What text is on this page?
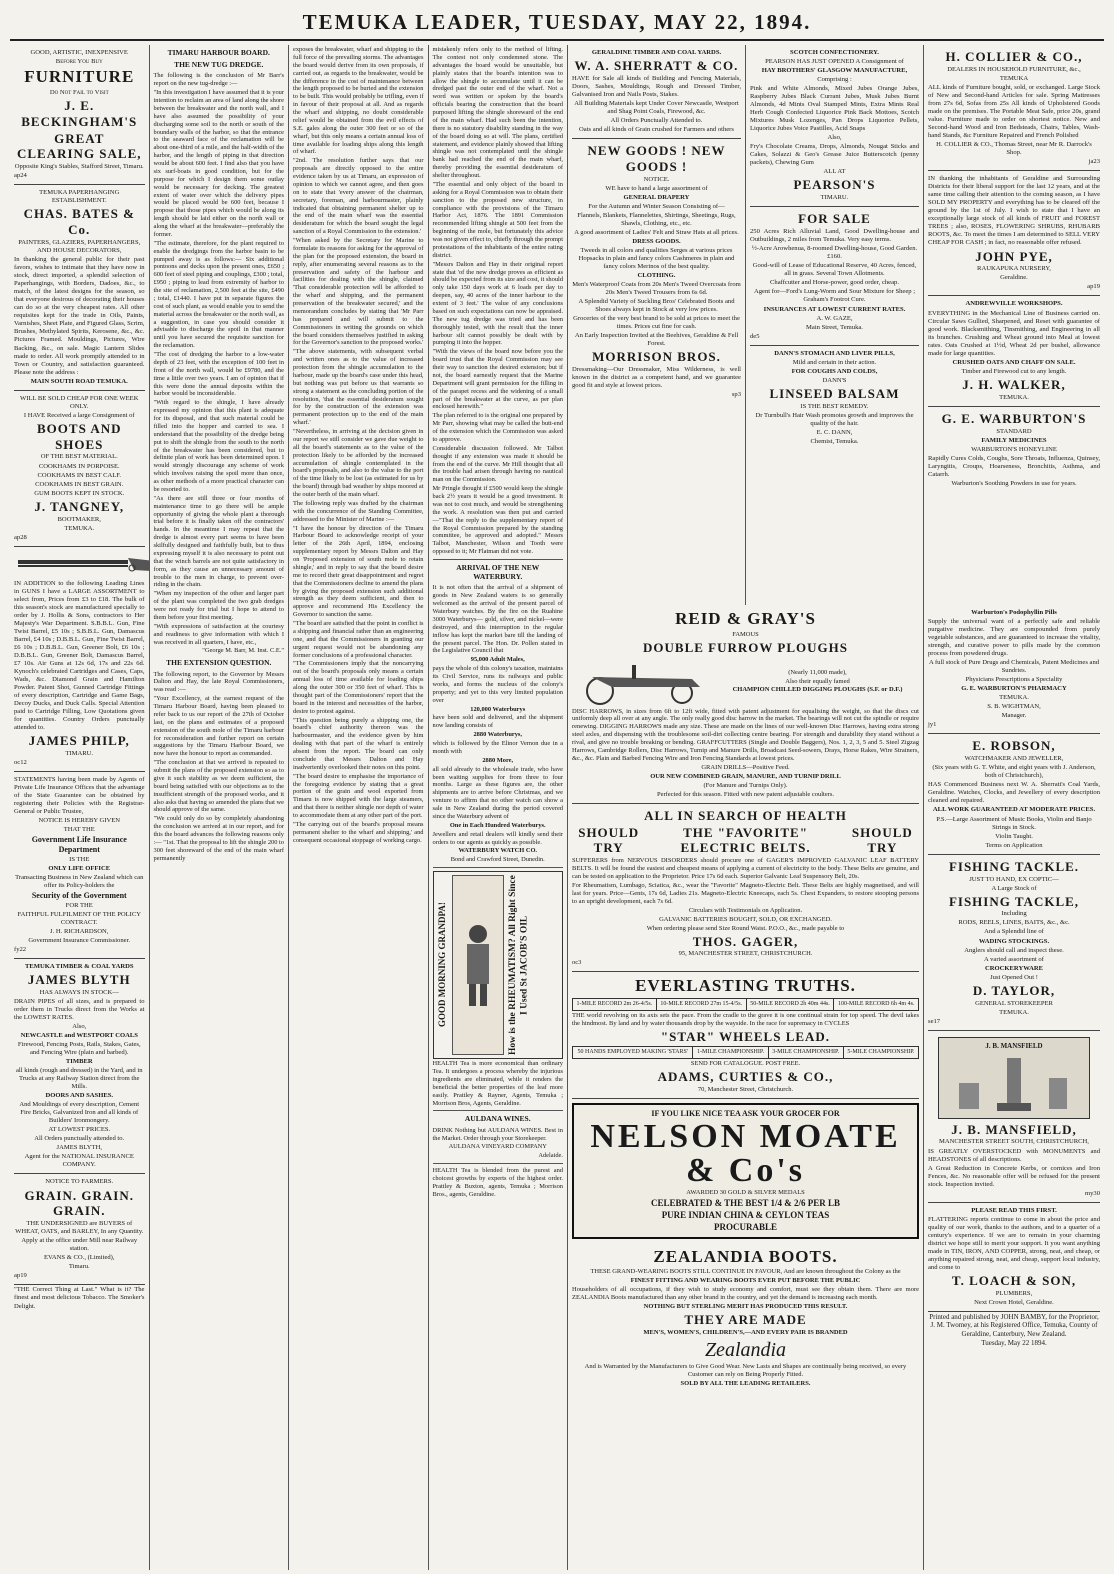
TEMUKA LEADER, TUESDAY, MAY 22, 1894.

GOOD, ARTISTIC, INEXPENSIVE

Before You Buy

FURNITURE

Do Not Fail to Visit

J. E. BECKINGHAM'S

GREAT CLEARING SALE,

Opposite King's Stables, Stafford Street, Timaru.

ap24

TEMUKA PAPERHANGING ESTABLISHMENT.

CHAS. BATES & Co.

PAINTERS, GLAZIERS, PAPERHANGERS, AND HOUSE DECORATORS,

In thanking the general public for their past favors, wishes to intimate that they have now in stock, direct imported, a splendid selection of Paperhangings, with Borders, Dadoes, &c., to match, of the latest designs for the season, so that everyone desirous of decorating their houses can do so at the very cheapest rates. All other requisites kept for the trade in Oils, Paints, Varnishes, Sheet Plate, and Figured Glass, Scrim, Brushes, Methylated Spirits, Kerosene, &c., &c. Pictures Framed. Mouldings, Pictures, Wire Backing, &c., on sale. Magic Lantern Slides made to order. All work promptly attended to in Town or Country, and satisfaction guaranteed. Please note the address :

MAIN SOUTH ROAD TEMUKA.

WILL BE SOLD CHEAP FOR ONE WEEK ONLY.

I HAVE Received a large Consignment of

BOOTS AND SHOES

OF THE BEST MATERIAL.

COOKHAMS IN PORPOISE.

COOKHAMS IN BEST CALF.

COOKHAMS IN BEST GRAIN.

GUM BOOTS KEPT IN STOCK.

J. TANGNEY,

BOOTMAKER,

TEMUKA.

ap28

IN ADDITION to the following Leading Lines in GUNS I have a LARGE ASSORTMENT to select from, Prices from £3 to £18. The bulk of this season's stock are manufactured specially to order by J. Hollis & Sons, contractors to Her Majesty's War Department. S.B.B.L. Gun, Fine Twist Barrel, £5 10s ; S.B.B.L. Gun, Damascus Barrel, £4 10s ; D.B.B.L. Gun, Fine Twist Barrel, £6 10s ; D.B.B.L. Gun, Greener Bolt, £6 10s ; D.B.B.L. Gun, Greener Bolt, Damascus Barrel, £7 10s. Air Guns at 12s 6d, 17s and 22s 6d. Kynoch's celebrated Cartridges and Cases, Caps, Wads, &c. Diamond Grain and Hamilton Powder. Patent Shot, Gunned Cartridge Fittings of every description, Cartridge and Game Bags, Decoy Ducks, and Duck Calls. Special Attention paid to Cartridge Filling, Low Quotations given for quantities. Country Orders punctually attended to.

JAMES PHILP,

TIMARU.

oc12

STATEMENTS having been made by Agents of Private Life Insurance Offices that the advantage of the State Guarantee can be obtained by registering their Policies with the Registrar-General or Public Trustee,

NOTICE IS HEREBY GIVEN

THAT THE

Government Life Insurance Department

IS THE

ONLY LIFE OFFICE

Transacting Business in New Zealand which can offer its Policy-holders the

Security of the Government

FOR THE

FAITHFUL FULFILMENT OF THE POLICY CONTRACT.

J. H. RICHARDSON,

Government Insurance Commissioner.

fy22

TEMUKA TIMBER & COAL YARDS

JAMES BLYTH

HAS ALWAYS IN STOCK—

DRAIN PIPES of all sizes, and is prepared to order them in Trucks direct from the Works at the LOWEST RATES.

Also,

NEWCASTLE and WESTPORT COALS

Firewood, Fencing Posts, Rails, Stakes, Gates, and Fencing Wire (plain and barbed).

TIMBER

all kinds (rough and dressed) in the Yard, and in Trucks at any Railway Station direct from the Mills.

DOORS AND SASHES.

And Mouldings of every description, Cement Fire Bricks, Galvanized Iron and all kinds of Builders' Ironmongery.

AT LOWEST PRICES.

All Orders punctually attended to.

JAMES BLYTH,

Agent for the NATIONAL INSURANCE COMPANY.

NOTICE TO FARMERS.

GRAIN. GRAIN. GRAIN.

THE UNDERSIGNED are BUYERS of WHEAT, OATS, and BARLEY, In any Quantity.

Apply at the office under Mill near Railway station.

EVANS & CO., (Limited),

Timaru.

ap19

"THE Correct Thing at Last." What is it? The finest and most delicious Tobacco. The Smoker's Delight.

TIMARU HARBOUR BOARD.
THE NEW TUG DREDGE.

The following is the conclusion of Mr Barr's report on the new tug-dredge :—

"In this investigation I have assumed that it is your intention to reclaim an area of land along the shore between the breakwater and the north wall, and I have also assumed the possibility of your discharging some soil to the north or south of the boundary walls of the harbor, so that the entrance to the seaward face of the reclamation will be about one-third of a mile, and the half-width of the harbor, and the length of piping in that direction would be about 600 feet. I find also that you have six surf-boats in good condition, but for the purpose for which I design them some outlay would be necessary for decking. The greatest extent of water over which the delivery pipes would be placed would be 600 feet, because I propose that those pipes which would be along its length should be laid either on the north wall or along the wharf at the breakwater—preferably the former.

"The estimate, therefore, for the plant required to enable the dredgings from the harbor basin to be pumped away is as follows:— Six additional pontoons and decks upon the present ones, £650 ; 600 feet of steel piping and couplings, £300 ; total, £950 ; piping to lead from extremity of harbor to the site of reclamation, 2,500 feet at the site, £490 ; total, £1440. I have put in separate figures the cost of such plant, as would enable you to send the material across the breakwater or the north wall, as a suggestion, in case you should consider it advisable to discharge the spoil in that manner until you have secured the requisite sanction for the reclamation.

"The cost of dredging the harbor to a low-water depth of 23 feet, with the exception of 100 feet in front of the north wall, would be £9780, and the time a little over two years. I am of opinion that if this were done the annual deposits within the harbor would be inconsiderable.

"With regard to the shingle, I have already expressed my opinion that this plant is adequate for its disposal, and that such material could be filled into the hopper and carried to sea. I understand that the possibility of the dredge being put to shift the shingle from the south to the north of the breakwater has been considered, but to definite plan of work has been determined upon. I would strongly discourage any scheme of work which involves raising the spoil more than once, as other methods of a more practical character can be resorted to.

"As there are still three or four months of maintenance time to go there will be ample opportunity of giving the whole plant a thorough trial before it is finally taken off the contractors' hands. In the meantime I may repeat that the dredge is almost every part seems to have been skilfully designed and faithfully built, but to thus expressing myself it is also necessary to point out that the winch barrels are not quite satisfactory in form, as they cause an unnecessary amount of trouble to the men in charge, to prevent over-riding in the chain.

"When my inspection of the other and larger part of the plant was completed the two grab dredges were not ready for trial but I hope to attend to them before your first meeting.

"With expressions of satisfaction at the courtesy and readiness to give information with which I was received in all quarters, I have, etc.,

"George M. Barr, M. Inst. C.E."

THE EXTENSION QUESTION.

The following report, to the Governor by Messrs Dalton and Hay, the late Royal Commissioners, was read :—

"Your Excellency, at the earnest request of the Timaru Harbour Board, having been pleased to refer back to us our report of the 27th of October last, on the plans and estimates of a proposed extension of the south mole of the Timaru harbour for reconsideration and further report on certain suggestions by the Timaru Harbour Board, we now have the honour to report as commanded.

"The conclusion at that we arrived is repeated to submit the plans of the proposed extension so as to give it such stability as we deem sufficient, the board being satisfied with our objections as to the insufficient strength of the proposed works, and it also asks that having so amended the plans that we should approve of the same.

"We could only do so by completely abandoning the conclusion we arrived at in our report, and for this the board advances the following reasons only :— "1st. That the proposal to lift the shingle 200 to 300 feet shoreward of the end of the main wharf permanently

exposes the breakwater, wharf and shipping to the full force of the prevailing storms. The advantages the board would derive from its own proposals, if carried out, as regards to the breakwater, would be the difference in the cost of maintenance between the length proposed to be buried and the extension to be built. This would probably be trifling, even if in favour of their proposal at all. And as regards the wharf and shipping, no doubt considerable relief would be obtained from the evil effects of S.E. gales along the outer 300 feet or so of the wharf, but this only means a certain annual loss of time available for loading ships along this length of wharf.

"2nd. The resolution further says that our proposals are directly opposed to the entire evidence taken by us at Timaru, an expression of opinion to which we cannot agree, and then goes on to state that 'every answer of the chairman, secretary, foreman, and harbourmaster, plainly indicated that obtaining permanent shelter up to the end of the main wharf was the essential desideratum for which the board sought the legal sanction of a Royal Commission to the extension.'

"When asked by the Secretary for Marine to formulate its reasons for asking for the approval of the plan for the proposed extension, the board in reply, after enumerating several reasons as to the preservation and safety of the harbour and facilities for dealing with the shingle, claimed 'That considerable protection will be afforded to the wharf and shipping, and the permanent preservation of the breakwater secured,' and the memorandum concludes by stating that 'Mr Parr has prepared and will submit to the Commissioners in writing the grounds on which the board considers themselves justified in asking for the Governor's sanction to the proposed works.'

"The above statements, with subsequent verbal and written ones as to the value of increased protection from the shingle accumulation to the harbour, made up the board's case under this head, but nothing was put before us that warrants so strong a statement as the concluding portion of the resolution, 'that the essential desideratum sought for by the construction of the extension was permanent protection up to the end of the main wharf.'

"Nevertheless, in arriving at the decision given in our report we still consider we gave due weight to all the board's statements as to the value of the protection likely to be afforded by the increased accumulation of shingle contemplated in the board's proposals, and also to the value to the port of the time likely to be lost (as estimated for us by the board) through bad weather by ships moored at the outer berth of the main wharf.

The following reply was drafted by the chairman with the concurrence of the Standing Committee, addressed to the Minister of Marine :—

"I have the honour by direction of the Timaru Harbour Board to acknowledge receipt of your letter of the 26th April, 1894, enclosing supplementary report by Messrs Dalton and Hay on 'Proposed extension of south mole to retain shingle,' and in reply to say that the board desire me to record their great disappointment and regret that the Commissioners decline to amend the plans by giving the proposed extension such additional strength as they deem sufficient, and then to approve and recommend His Excellency the Governor to sanction the same.

"The board are satisfied that the point in conflict is a shipping and financial rather than an engineering one, and that the Commissioners in granting our urgent request would not be abandoning any former conclusions of a professional character.

"The Commissioners imply that the noncarrying out of the board's proposals only means a certain annual loss of time available for loading ships along the outer 300 or 350 feet of wharf. This is thought part of the Commissioners' report that the board in the interest and necessities of the harbor, desire to protest against.

"This question being purely a shipping one, the board's chief authority thereon was the harbourmaster, and the evidence given by him dealing with that part of the wharf is entirely absent from the report. The board can only conclude that Messrs Dalton and Hay inadvertently overlooked their notes on this point.

"The board desire to emphasise the importance of the foregoing evidence by stating that a great portion of the grain and wool exported from Timaru is now shipped with the large steamers, and that there is neither shingle nor depth of water to accommodate them at any other part of the port.

"The carrying out of the board's proposal means permanent shelter to the wharf and shipping,' and consequent occasional stoppage of working cargo.

mistakenly refers only to the method of lifting. The contest not only condemned stone. The advantages the board would be unsuitable, but plainly states that the board's intention was to allow the shingle to accumulate until it can be dredged past the outer end of the wharf. Not a word was written or spoken by the board's officials bearing the construction that the board purposed lifting the shingle shoreward of the end of the main wharf. Had such been the intention, there is no statutory disability standing in the way of the board doing so at will. The plans, certified statement, and evidence plainly showed that lifting shingle was not contemplated until the shingle bank had reached the end of the main wharf, thereby providing the essential desideratum of shelter throughout.

"The essential and only object of the board in asking for a Royal Commission was to obtain their sanction to the proposed new structure, in compliance with the provisions of the Timaru Harbor Act, 1876. The 1891 Commission recommended lifting shingle at 500 feet from the beginning of the mole, but fortunately this advice was not given effect to, chiefly through the prompt protestations of the inhabitants of the entire rating district.

"Messrs Dalton and Hay in their original report state that 'of the new dredge proves as efficient as should be expected from its size and cost, it should only take 150 days work at 6 loads per day to deepen, say, 40 acres of the inner harbour to the extent of 3 feet.' The value of any conclusions based on such expectations can now be appraised. The new tug dredge was tried and has been thoroughly tested, with the result that the inner harbour silt cannot possibly be dealt with by pumping it into the hopper.

"With the views of the board now before you the board trust that the Royal Commission may see their way to sanction the desired extension; but if not, the board earnestly request that the Marine Department will grant permission for the filling in of the parapet recess and the widening of a small part of the breakwater at the curve, as per plan enclosed herewith."

The plan referred to is the original one prepared by Mr Parr, showing what may be called the butt-end of the extension which the Commission was asked to approve.

Considerable discussion followed. Mr Talbot thought if any extension was made it should be from the end of the curve. Mr Hill thought that all the trouble had arisen through having no nautical man on the Commission.

Mr Pringle thought if £500 would keep the shingle back 2½ years it would be a good investment. It was not to cost much, and would be strengthening the work. A resolution was then put and carried—"That the reply to the supplementary report of the Royal Commission prepared by the standing committee, be approved and adopted." Messrs Talbot, Manchester, Wilson and Tooth were opposed to it; Mr Flatman did not vote.

ARRIVAL OF THE NEW WATERBURY.

It is not often that the arrival of a shipment of goods in New Zealand waters is so generally welcomed as the arrival of the present parcel of Waterbury watches. By the fire on the Ruahine 3000 Waterburys— gold, silver, and nickel—were destroyed, and this interruption in the regular inflow has kept the market bare till the landing of the present parcel. The Hon. Dr. Pollen stated in the Legislative Council that

95,000 Adult Males,

pays the whole of this colony's taxation, maintains its Civil Service, runs its railways and public works, and forms the nucleus of the colony's property; and yet to this very limited population over

120,000 Waterburys

have been sold and delivered, and the shipment now landing consists of

2880 Waterburys,

which is followed by the Elinor Vernon due in a month with

2880 More,

all sold already to the wholesale trade, who have been waiting supplies for from three to four months. Large as these figures are, the other shipments are to arrive before Christmas, and we venture to affirm that no other watch can show a sale in New Zealand during the period covered since the Waterbury advent of

One in Each Hundred Waterburys.

Jewellers and retail dealers will kindly send their orders to our agents as quickly as possible.

WATERBURY WATCH CO.

Bond and Crawford Street, Dunedin.

GOOD MORNING GRANDPA!	How is the RHEUMATISM? All Right Since I Used St JACOB'S OIL

HEALTH Tea is more economical than ordinary Tea. It undergoes a process whereby the injurious ingredients are eliminated, while it renders the beneficial the better properties of the leaf more easily. Prattley & Rayner, Agents, Temuka ; Morrison Bros, Agents, Geraldine.

AULDANA WINES.

DRINK Nothing but AULDANA WINES. Best in the Market. Order through your Storekeeper.

AULDANA VINEYARD COMPANY

Adelaide.

HEALTH Tea is blended from the purest and choicest growths by experts of the highest order. Prattley & Buxton, agents, Temuka ; Morrison Bros., agents, Geraldine.

GERALDINE TIMBER AND COAL YARDS.

W. A. SHERRATT & CO.

HAVE for Sale all kinds of Building and Fencing Materials, Doors, Sashes, Mouldings, Rough and Dressed Timber, Galvanised Iron and Nails Posts, Stakes.

All Building Materials kept Under Cover Newcastle, Westport and Shag Point Coals, Firewood, &c.

All Orders Punctually Attended to.

Oats and all kinds of Grain crushed for Farmers and others

NEW GOODS ! NEW GOODS !

NOTICE.

WE have to hand a large assortment of

GENERAL DRAPERY

For the Autumn and Winter Season Consisting of—

Flannels, Blankets, Flannelettes, Shirtings, Sheetings, Rugs, Shawls, Clothing, etc., etc.

A good assortment of Ladies' Felt and Straw Hats at all prices.

DRESS GOODS.

Tweeds in all colors and qualities Serges at various prices Hopsacks in plain and fancy colors Cashmeres in plain and fancy colors Merinos of the best quality.

CLOTHING.

Men's Waterproof Coats from 20s Men's Tweed Overcoats from 20s Men's Tweed Trousers from 6s 6d.

A Splendid Variety of Suckling Bros' Celebrated Boots and Shoes always kept in Stock at very low prices.

Groceries of the very best brand to be sold at prices to meet the times. Prices cut fine for cash.

An Early Inspection Invited at the Beehives, Geraldine & Fell Forest.

MORRISON BROS.

Dressmaking—Our Dressmaker, Miss Wilderness, is well known in the district as a competent hand, and we guarantee good fit and style at lowest prices.

sp3

SCOTCH CONFECTIONERY.

PEARSON HAS JUST OPENED A Consignment of

HAY BROTHERS' GLASGOW MANUFACTURE,

Comprising :

Pink and White Almonds, Mixed Jubes Orange Jubes, Raspberry Jubes Black Currant Jubes, Musk Jubes Burnt Almonds, 4d Mints Oval Stamped Mints, Extra Mints Real Herb Cough Confected Liquorice Pink Back Mottoes, Scotch Mixtures Musk Lozenges, Pan Drops Liquorice Pellets, Liquorice Jubes Voice Pastilles, Acid Snaps

Also,

Fry's Chocolate Creams, Drops, Almonds, Nougat Sticks and Cakes, Solazzi & Geo's Grease Juice Butterscotch (penny packets), Chewing Gum

ALL AT

PEARSON'S

TIMARU.

FOR SALE

250 Acres Rich Alluvial Land, Good Dwelling-house and Outbuildings, 2 miles from Temuka. Very easy terms.

½-Acre Arowhenua, 8-roomed Dwelling-house, Good Garden. £160.

Good-will of Lease of Educational Reserve, 40 Acres, fenced, all in grass. Several Town Allotments.

Chaffcutter and Horse-power, good order, cheap.

Agent for—Ford's Lung-Worm and Sour Mixture for Sheep ; Graham's Footrot Cure.

INSURANCES AT LOWEST CURRENT RATES.

A. W. GAZE,

Main Street, Temuka.

de5

DANN'S STOMACH AND LIVER PILLS,

Mild and certain in their action.

FOR COUGHS AND COLDS,

DANN'S

LINSEED BALSAM

IS THE BEST REMEDY.

Dr Turnbull's Hair Wash promotes growth and improves the quality of the hair.

E. C. DANN,

Chemist, Temuka.

H. COLLIER & CO.,

DEALERS IN HOUSEHOLD FURNITURE, &c.,

TEMUKA

ALL kinds of Furniture bought, sold, or exchanged. Large Stock of New and Second-hand Articles for sale. Spring Mattresses from 27s 6d, Sofas from 25s All kinds of Upholstered Goods made on the premises. The Portable Meat Safe, price 20s, grand value. Furniture made to order on shortest notice. New and Second-hand Wood and Iron Bedsteads, Chairs, Tables, Wash-hand Stands, &c Furniture Repaired and French Polished

H. COLLIER & CO., Thomas Street, near Mr R. Darrock's Shop.

ja23

IN thanking the inhabitants of Geraldine and Surrounding Districts for their liberal support for the last 12 years, and at the same time calling their attention to the coming season, as I have SOLD MY PROPERTY and everything has to be cleared off the ground by the 1st of July. I wish to state that I have an exceptionally large stock of all kinds of FRUIT and FOREST TREES ; also, ROSES, FLOWERING SHRUBS, RHUBARB ROOTS, &c. To meet the times I am determined to SELL VERY CHEAP FOR CASH ; in fact, no reasonable offer refused.

JOHN PYE,

RAUKAPUKA NURSERY,

Geraldine.

ap19

ANDREWVILLE WORKSHOPS.

EVERYTHING in the Mechanical Line of Business carried on. Circular Saws Gullied, Sharpened, and Reset with guarantee of good work. Blacksmithing, Tinsmithing, and Engineering in all its branches. Crushing and Wheat ground into Meal at lowest rates. Oats Crushed at 1½d, Wheat 2d per bushel, allowance made for large quantities.

CRUSHED OATS AND CHAFF ON SALE.

Timber and Firewood cut to any length.

J. H. WALKER,

TEMUKA.

G. E. WARBURTON'S

STANDARD

FAMILY MEDICINES

WARBURTON'S HONEYLINE

Rapidly Cures Colds, Coughs, Sore Throats, Influenza, Quinsey, Laryngitis, Croups, Hoarseness, Bronchitis, Asthma, and Catarrh.

Warburton's Soothing Powders in use for years.

REID & GRAY'S

FAMOUS

DOUBLE FURROW PLOUGHS

(Nearly 11,000 made),

Also their equally famed

CHAMPION CHILLED DIGGING PLOUGHS (S.F. or D.F.)

DISC HARROWS, in sizes from 6ft to 12ft wide, fitted with patent adjustment for equalising the weight, so that the discs cut uniformly deep all over at any angle. The only really good disc harrow in the market. The bearings will not cut the spindle or require renewing. DIGGING HARROWS made any size. These are made on the lines of our well-known Disc Harrows, having extra strong steel axles, and dispensing with the troublesome soil-dirt collecting centre bearing. For strength and durability they stand without a rival, and give no trouble breaking or bending. GRAFFCUTTERS (Single and Double Baggers), Nos. 1, 2, 3, 5 and 5. Steel Zigzag Harrows, Cambridge Rollers, Disc Harrows, Turnip and Manure Drills, Broadcast Seed-sowers, Drays, Horse Rakes, Wire Strainers, &c., &c. Plain and Barbed Fencing Wire and Iron Fencing Standards at lowest prices.

GRAIN DRILLS—Positive Feed.

OUR NEW COMBINED GRAIN, MANURE, AND TURNIP DRILL

(For Manure and Turnips Only).

Perfected for this season. Fitted with new patent adjustable coulters.

ALL IN SEARCH OF HEALTH

SHOULD TRY
THE "FAVORITE" ELECTRIC BELTS.
SHOULD TRY

SUFFERERS from NERVOUS DISORDERS should procure one of GAGER'S IMPROVED GALVANIC LEAF BATTERY BELTS. It will be found the easiest and cheapest means of applying a current of electricity to the body. These Belts are genuine, and can be tested on application to the Proprietor. Price 17s 6d each. Superior Galvanic Leaf Suspensory Belt, 20s.

For Rheumatism, Lumbago, Sciatica, &c., wear the "Favorite" Magneto-Electric Belt. These Belts are highly magnetised, and will last for years. Price—Gents, 17s 6d, Ladies 21s. Magneto-Electric Kneecaps, each 5s. Chest Expanders, to restore stooping persons to an upright development, each 7s 6d.

Circulars with Testimonials on Application.

GALVANIC BATTERIES BOUGHT, SOLD, OR EXCHANGED.

When ordering please send Size Round Waist. P.O.O., &c., made payable to

THOS. GAGER,

95, MANCHESTER STREET, CHRISTCHURCH.

oc3

EVERLASTING TRUTHS.

1-MILE RECORD 2m 26-4/5s.	10-MILE RECORD 27m 15-4/5s.	50-MILE RECORD 2h 40m 44s.	100-MILE RECORD 6h 4m 4s.

THE world revolving on its axis sets the pace. From the cradle to the grave it is one continual strain for top speed. The devil takes the hindmost. By land and by water thousands drop by the wayside. In the race for supremacy in CYCLES

"STAR" WHEELS LEAD.

50 HANDS EMPLOYED MAKING 'STARS'	1-MILE CHAMPIONSHIP.	3-MILE CHAMPIONSHIP.	5-MILE CHAMPIONSHIP.

SEND FOR CATALOGUE. POST FREE.

ADAMS, CURTIES & CO.,

70, Manchester Street, Christchurch.

IF YOU LIKE NICE TEA ASK YOUR GROCER FOR

NELSON MOATE & Co's

AWARDED 30 GOLD & SILVER MEDALS

CELEBRATED & THE BEST 1/4 & 2/6 PER LB

PURE INDIAN CHINA & CEYLON TEAS

PROCURABLE

ZEALANDIA BOOTS.

THESE GRAND-WEARING BOOTS STILL CONTINUE IN FAVOUR, And are known throughout the Colony as the

FINEST FITTING AND WEARING BOOTS EVER PUT BEFORE THE PUBLIC

Householders of all occupations, if they wish to study economy and comfort, must see they obtain them. There are more ZEALANDIA Boots manufactured than any other brand in the country, and yet the demand is increasing each month.

NOTHING BUT STERLING MERIT HAS PRODUCED THIS RESULT.

THEY ARE MADE

MEN'S, WOMEN'S, CHILDREN'S,—AND EVERY PAIR IS BRANDED

Zealandia

And is Warranted by the Manufacturers to Give Good Wear. New Lasts and Shapes are continually being received, so every Customer can rely on Being Properly Fitted.

SOLD BY ALL THE LEADING RETAILERS.

Warburton's Podophyllin Pills

Supply the universal want of a perfectly safe and reliable purgative medicine. They are compounded from purely vegetable substances, and are guaranteed to increase the vitality, strength, and curative power to pills made by the common process from powdered drugs.

A full stock of Pure Drugs and Chemicals, Patent Medicines and Sundries.

Physicians Prescriptions a Speciality

G. E. WARBURTON'S PHARMACY

TEMUKA.

S. B. WIGHTMAN,

Manager.

jy1

E. ROBSON,

WATCHMAKER AND JEWELLER,

(Six years with G. T. White, and eight years with J. Anderson, both of Christchurch),

HAS Commenced Business next W. A. Sherratt's Coal Yards, Geraldine. Watches, Clocks, and Jewellery of every description cleaned and repaired.

ALL WORK GUARANTEED AT MODERATE PRICES.

P.S.—Large Assortment of Music Books, Violin and Banjo Strings in Stock.

Violin Taught.

Terms on Application

FISHING TACKLE.

JUST TO HAND, EX COPTIC—

A Large Stock of

FISHING TACKLE,

Including

RODS, REELS, LINES, BAITS, &c., &c.

And a Splendid line of

WADING STOCKINGS.

Anglers should call and inspect these.

A varied assortment of

CROCKERYWARE

Just Opened Out !

D. TAYLOR,

GENERAL STOREKEEPER

TEMUKA.

se17

J. B. MANSFIELD

J. B. MANSFIELD,

MANCHESTER STREET SOUTH, CHRISTCHURCH,

IS GREATLY OVERSTOCKED with MONUMENTS and HEADSTONES of all descriptions.

A Great Reduction in Concrete Kerbs, or cornices and Iron Fences, &c. No reasonable offer will be refused for the present stock. Inspection invited.

my30

PLEASE READ THIS FIRST.

FLATTERING reports continue to come in about the price and quality of our work, thanks to the authors, and to a quarter of a century's experience. If we are to remain in your charming district we hope still to merit your support. It you want anything made in TIN, IRON, AND COPPER, strong, neat, and cheap, or anything repaired strong, neat, and cheap, support local industry, and come to

T. LOACH & SON,

PLUMBERS,

Next Crown Hotel, Geraldine.

Printed and published by JOHN BAMBY, for the Proprietor, J. M. Twomey, at his Registered Office, Temuka, County of Geraldine, Canterbury, New Zealand.

Tuesday, May 22 1894.
